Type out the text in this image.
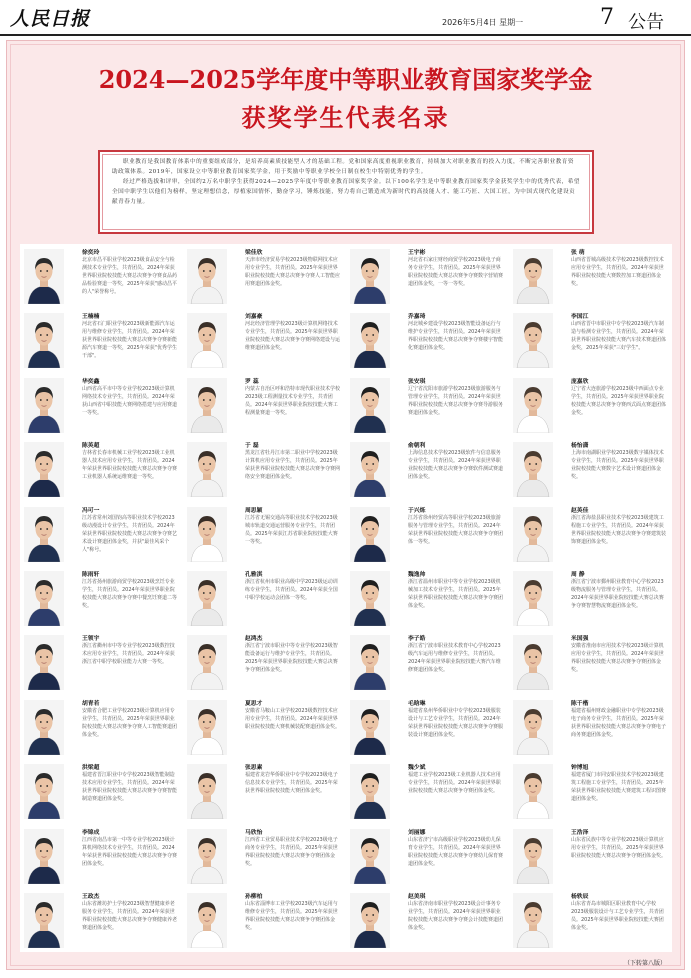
人民日报	2026年5月4日 星期一	7 公告
2024—2025学年度中等职业教育国家奖学金
获奖学生代表名录

职业教育是我国教育体系中的重要组成部分，是培养高素质技能型人才的基础工程。党和国家高度重视职业教育，持续加大对职业教育的投入力度，不断完善职业教育资助政策体系。2019年，国家设立中等职业教育国家奖学金，用于奖励中等职业学校全日制在校生中特别优秀的学生。

经过严格选拔和评审，全国约2万名中职学生获得2024—2025学年度中等职业教育国家奖学金。以下100名学生是中等职业教育国家奖学金获奖学生中的优秀代表，希望全国中职学生以他们为榜样，坚定理想信念，厚植家国情怀，勤奋学习，锤炼技能，努力将自己锻造成为新时代的高技能人才、能工巧匠、大国工匠，为中国式现代化建设贡献青春力量。

徐奕玲
北京市昌平职业学校2023级食品安全与检测技术专业学生，共青团员。2024年荣获世界职业院校技能大赛总决赛争夺赛食品药品检验赛道一等奖，2025年荣获"感动昌平的人"荣誉称号。
梁佳欣
天津市经济贸易学校2023级物联网技术应用专业学生，共青团员。2025年荣获世界职业院校技能大赛总决赛争夺赛人工智能应用赛道团体金奖。
王宇彬
河北省石家庄财经商贸学校2023级电子商务专业学生，共青团员。2025年荣获世界职业院校技能大赛总决赛争夺赛数字营销赛道团体金奖，一等一等奖。
张 萌
山西省晋城高级技术学校2023级数控技术应用专业学生，共青团员。2024年荣获世界职业院校技能大赛数控加工赛道团体金奖。
王楠楠
河北省石门职业学校2023级新能源汽车运用与维修专业学生，共青团员。2024年荣获世界职业院校技能大赛总决赛争夺赛新能源汽车赛道一等奖，2025年荣获"优秀学生干部"。
刘嘉豪
河北经济管理学校2023级计算机网络技术专业学生，共青团员。2025年荣获世界职业院校技能大赛总决赛争夺赛网络建设与运维赛道团体金奖。
乔嘉琦
河北城乡建设学校2023级智能设备运行与维护专业学生，共青团员。2024年荣获世界职业院校技能大赛总决赛争夺赛楼宇智能化赛道团体金奖。
李国江
山西省晋中市职业中专学校2023级汽车制造与检测专业学生，共青团员。2024年荣获世界职业院校技能大赛汽车技术赛道团体金奖，2025年荣获"三好学生"。
华奕鑫
山西省高平市中等专业学校2023级计算机网络技术专业学生，共青团员。2024年荣获山西省中职技能大赛网络搭建与应用赛道一等奖。
罗 蕊
内蒙古自治区呼和浩特市现代职业技术学校2023级工程测量技术专业学生，共青团员。2024年荣获世界职业院校技能大赛工程测量赛道一等奖。
张安琪
辽宁省沈阳市旅游学校2023级旅游服务与管理专业学生，共青团员。2024年荣获世界职业院校技能大赛总决赛争夺赛导游服务赛道团体金奖。
庞嘉欣
辽宁省大连旅游学校2023级中西面点专业学生，共青团员。2025年荣获世界职业院校技能大赛总决赛争夺赛西式面点赛道团体金奖。
陈英超
吉林省长春市机械工业学校2023级工业机器人技术应用专业学生，共青团员。2024年荣获世界职业院校技能大赛总决赛争夺赛工业机器人系统运维赛道一等奖。
于 磊
黑龙江省牡丹江市第二职业中学校2023级计算机应用专业学生，共青团员。2025年荣获世界职业院校技能大赛总决赛争夺赛网络安全赛道团体金奖。
俞朝利
上海信息技术学校2023级软件与信息服务专业学生，共青团员。2024年荣获世界职业院校技能大赛总决赛争夺赛软件测试赛道团体金奖。
杨怡潇
上海市南湖职业学校2023级数字媒体技术专业学生，共青团员。2025年荣获世界职业院校技能大赛数字艺术设计赛道团体金奖。
冯可一
江苏省常州刘国钧高等职业技术学校2023级动漫设计专业学生，共青团员。2024年荣获世界职业院校技能大赛总决赛争夺赛艺术设计赛道团体金奖，并获"最佳风采个人"称号。
周思颖
江苏省无锡交通高等职业技术学校2023级城市轨道交通运营服务专业学生，共青团员。2025年荣获江苏省职业院校技能大赛一等奖。
于兴烁
江苏省徐州经贸高等职业学校2023级旅游服务与管理专业学生，共青团员。2024年荣获世界职业院校技能大赛总决赛争夺赛团体一等奖。
赵英佳
浙江省海盐县职业技术学校2023级建筑工程施工专业学生，共青团员。2024年荣获世界职业院校技能大赛总决赛争夺赛建筑装饰赛道团体金奖。
陈雨轩
江苏省扬州旅游商贸学校2023级烹饪专业学生，共青团员。2024年荣获世界职业院校技能大赛总决赛争夺赛中餐烹饪赛道二等奖。
孔雅淇
浙江省杭州市职业高级中学2023级运动训练专业学生，共青团员。2024年荣获全国中职学校运动会团体一等奖。
魏逸帅
浙江省温州市职业中等专业学校2023级机械加工技术专业学生，共青团员。2025年荣获世界职业院校技能大赛总决赛争夺赛团体金奖。
周 静
浙江省宁波市鄞州职业教育中心学校2023级物流服务与管理专业学生，共青团员。2024年荣获世界职业院校技能大赛总决赛争夺赛智慧物流赛道团体金奖。
王领宇
浙江省衢州市中等专业学校2023级数控技术应用专业学生，共青团员。2024年荣获浙江省中职学校职业能力大赛一等奖。
赵鸿杰
浙江省宁波市职业中等专业学校2023级智能设备运行与维护专业学生，共青团员。2025年荣获世界职业院校技能大赛总决赛争夺赛团体金奖。
李子皓
浙江省宁波市职业技术教育中心学校2023级汽车运用与维修专业学生，共青团员。2024年荣获世界职业院校技能大赛汽车维修赛道团体金奖。
米国强
安徽省淮南市应用技术学校2023级计算机应用专业学生，共青团员。2024年荣获世界职业院校技能大赛总决赛争夺赛团体金奖。
胡青若
安徽省合肥工业学校2023级计算机应用专业学生，共青团员。2025年荣获世界职业院校技能大赛总决赛争夺赛人工智能赛道团体金奖。
夏思才
安徽省马鞍山工业学校2023级数控技术应用专业学生，共青团员。2024年荣获世界职业院校技能大赛机械装配赛道团体金奖。
毛晗琳
福建省泉州华侨职业中专学校2023级服装设计与工艺专业学生，共青团员。2024年荣获世界职业院校技能大赛总决赛争夺赛服装设计赛道团体金奖。
陈千楷
福建省福州财政金融职业中专学校2023级电子商务专业学生，共青团员。2025年荣获世界职业院校技能大赛总决赛争夺赛电子商务赛道团体金奖。
洪梁超
福建省晋江职业中专学校2023级智能制造技术应用专业学生，共青团员。2024年荣获世界职业院校技能大赛总决赛争夺赛智能制造赛道团体金奖。
张思素
福建省龙岩华侨职业中专学校2023级电子信息技术专业学生，共青团员。2025年荣获世界职业院校技能大赛团体金奖。
魏少斌
福建工业学校2023级工业机器人技术应用专业学生，共青团员。2024年荣获世界职业院校技能大赛总决赛争夺赛团体金奖。
钟博旭
福建省厦门市同安职业技术学校2023级建筑工程施工专业学生，共青团员。2025年荣获世界职业院校技能大赛建筑工程识图赛道团体金奖。
李锦成
江西省南昌市第一中等专业学校2023级计算机网络技术专业学生，共青团员。2024年荣获世界职业院校技能大赛总决赛争夺赛团体金奖。
马欣怡
江西省工业贸易职业技术学校2023级电子商务专业学生，共青团员。2025年荣获世界职业院校技能大赛总决赛争夺赛团体金奖。
刘丽娜
山东省济宁市高级职业学校2023级幼儿保育专业学生，共青团员。2024年荣获世界职业院校技能大赛总决赛争夺赛幼儿保育赛道团体金奖。
王浩泽
山东省民族中等专业学校2023级计算机应用专业学生，共青团员。2025年荣获世界职业院校技能大赛总决赛争夺赛团体金奖。
王政杰
山东省潍坊护士学校2023级智慧健康养老服务专业学生，共青团员。2024年荣获世界职业院校技能大赛总决赛争夺赛健康养老赛道团体金奖。
孙柳柏
山东省淄博市工业学校2023级汽车运用与维修专业学生，共青团员。2025年荣获世界职业院校技能大赛总决赛争夺赛团体金奖。
赵美琪
山东省济南市职业学校2023级会计事务专业学生，共青团员。2024年荣获世界职业院校技能大赛总决赛争夺赛会计技能赛道团体金奖。
杨轶辰
山东省青岛市城阳区职业教育中心学校2023级服装设计与工艺专业学生，共青团员。2025年荣获世界职业院校技能大赛团体金奖。
（下转第八版）
